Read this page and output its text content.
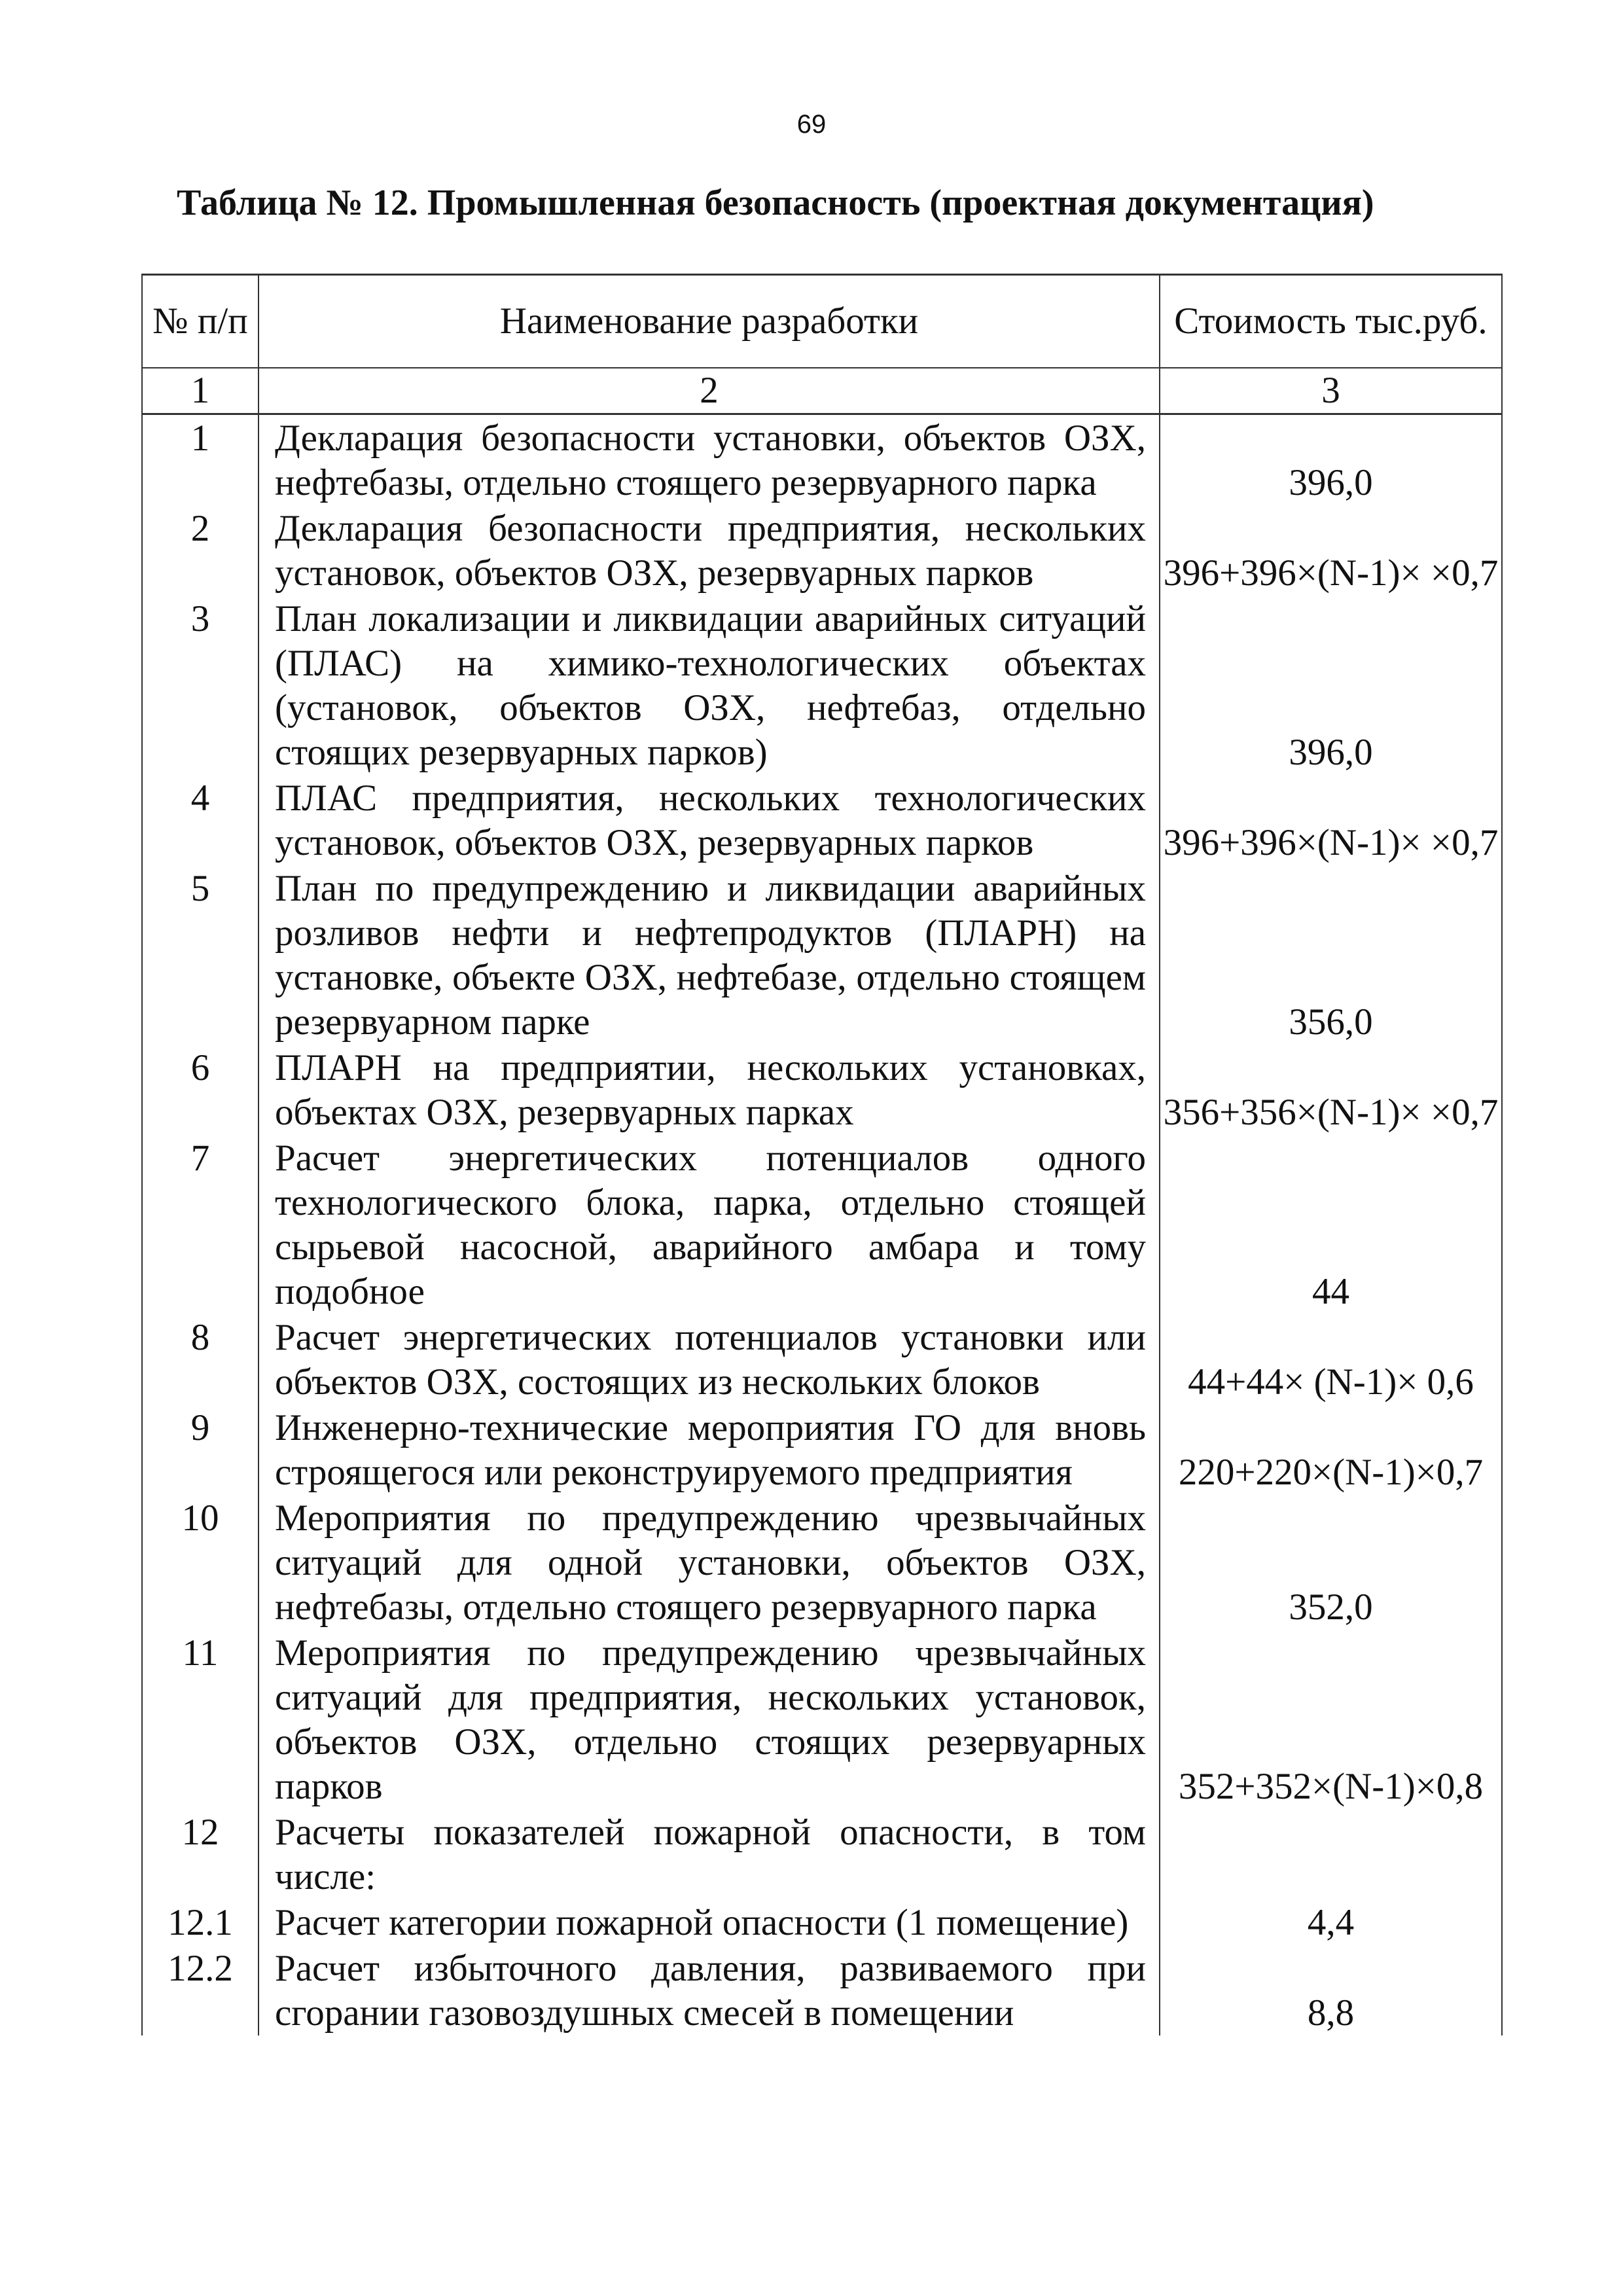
69
Таблица № 12. Промышленная безопасность (проектная документация)
№ п/п	Наименование разработки	Стоимость тыс.руб.
1	2	3
1	Декларация безопасности установки, объектов ОЗХ, нефтебазы, отдельно стоящего резервуарного парка	396,0
2	Декларация безопасности предприятия, нескольких установок, объектов ОЗХ, резервуарных парков	396+396×(N-1)× ×0,7
3	План локализации и ликвидации аварийных ситуаций (ПЛАС) на химико-технологических объектах (установок, объектов ОЗХ, нефтебаз, отдельно стоящих резервуарных парков)	396,0
4	ПЛАС предприятия, нескольких технологических установок, объектов ОЗХ, резервуарных парков	396+396×(N-1)× ×0,7
5	План по предупреждению и ликвидации аварийных розливов нефти и нефтепродуктов (ПЛАРН) на установке, объекте ОЗХ, нефтебазе, отдельно стоящем резервуарном парке	356,0
6	ПЛАРН на предприятии, нескольких установках, объектах ОЗХ, резервуарных парках	356+356×(N-1)× ×0,7
7	Расчет энергетических потенциалов одного технологического блока, парка, отдельно стоящей сырьевой насосной, аварийного амбара и тому подобное	44
8	Расчет энергетических потенциалов установки или объектов ОЗХ, состоящих из нескольких блоков	44+44× (N-1)× 0,6
9	Инженерно-технические мероприятия ГО для вновь строящегося или реконструируемого предприятия	220+220×(N-1)×0,7
10	Мероприятия по предупреждению чрезвычайных ситуаций для одной установки, объектов ОЗХ, нефтебазы, отдельно стоящего резервуарного парка	352,0
11	Мероприятия по предупреждению чрезвычайных ситуаций для предприятия, нескольких установок, объектов ОЗХ, отдельно стоящих резервуарных парков	352+352×(N-1)×0,8
12	Расчеты показателей пожарной опасности, в том числе:	
12.1	Расчет категории пожарной опасности (1 помещение)	4,4
12.2	Расчет избыточного давления, развиваемого при сгорании газовоздушных смесей в помещении	8,8
